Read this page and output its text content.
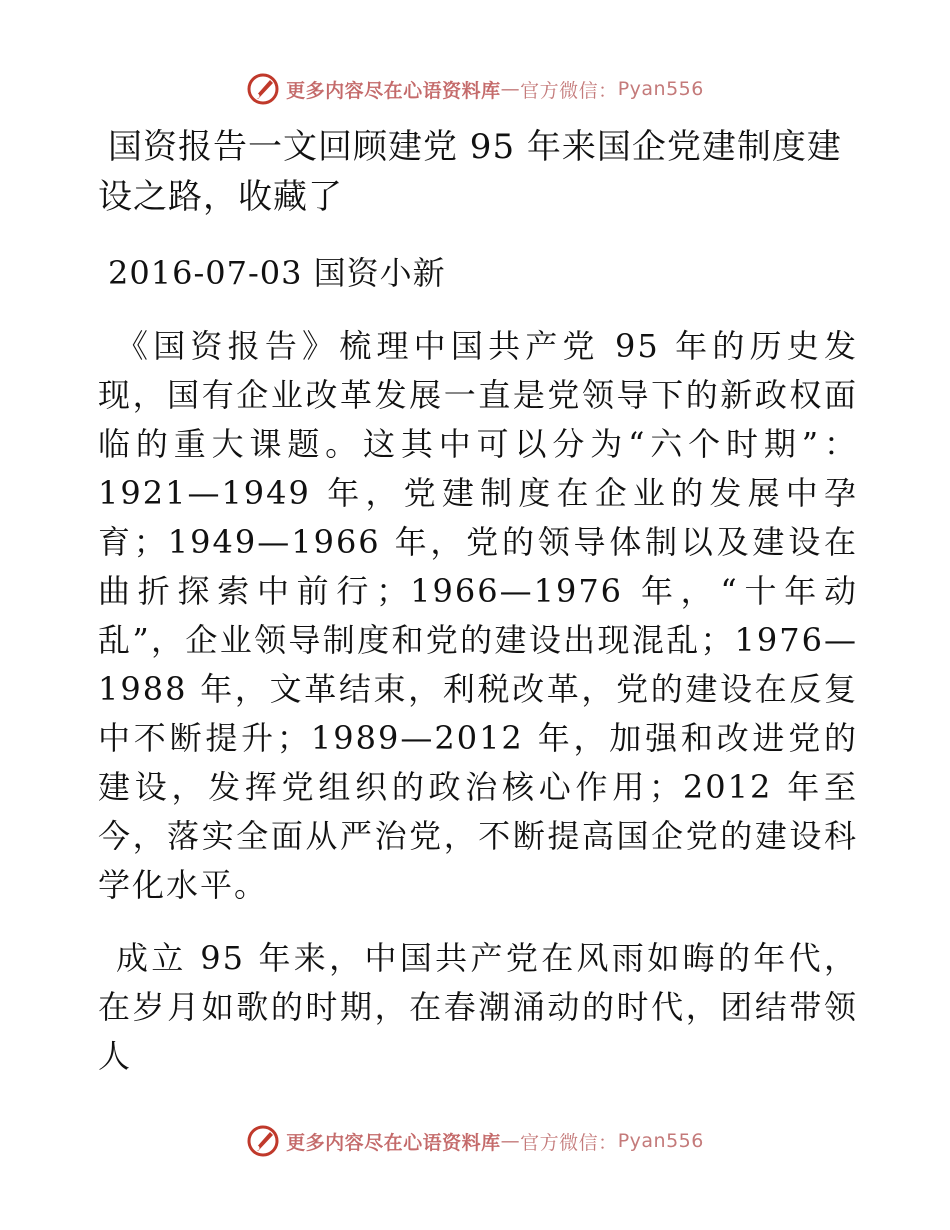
更多内容尽在心语资料库 — 官方微信： Pyan556
国资报告一文回顾建党 95 年来国企党建制度建设之路，收藏了

2016-07-03 国资小新

《国资报告》梳理中国共产党 95 年的历史发现，国有企业改革发展一直是党领导下的新政权面临的重大课题。这其中可以分为“六个时期”：1921—1949 年，党建制度在企业的发展中孕育；1949—1966 年，党的领导体制以及建设在曲折探索中前行；1966—1976 年，“十年动乱”，企业领导制度和党的建设出现混乱；1976—1988 年，文革结束，利税改革，党的建设在反复中不断提升；1989—2012 年，加强和改进党的建设，发挥党组织的政治核心作用；2012 年至今，落实全面从严治党，不断提高国企党的建设科学化水平。

成立 95 年来，中国共产党在风雨如晦的年代，在岁月如歌的时期，在春潮涌动的时代，团结带领人

更多内容尽在心语资料库 — 官方微信： Pyan556
